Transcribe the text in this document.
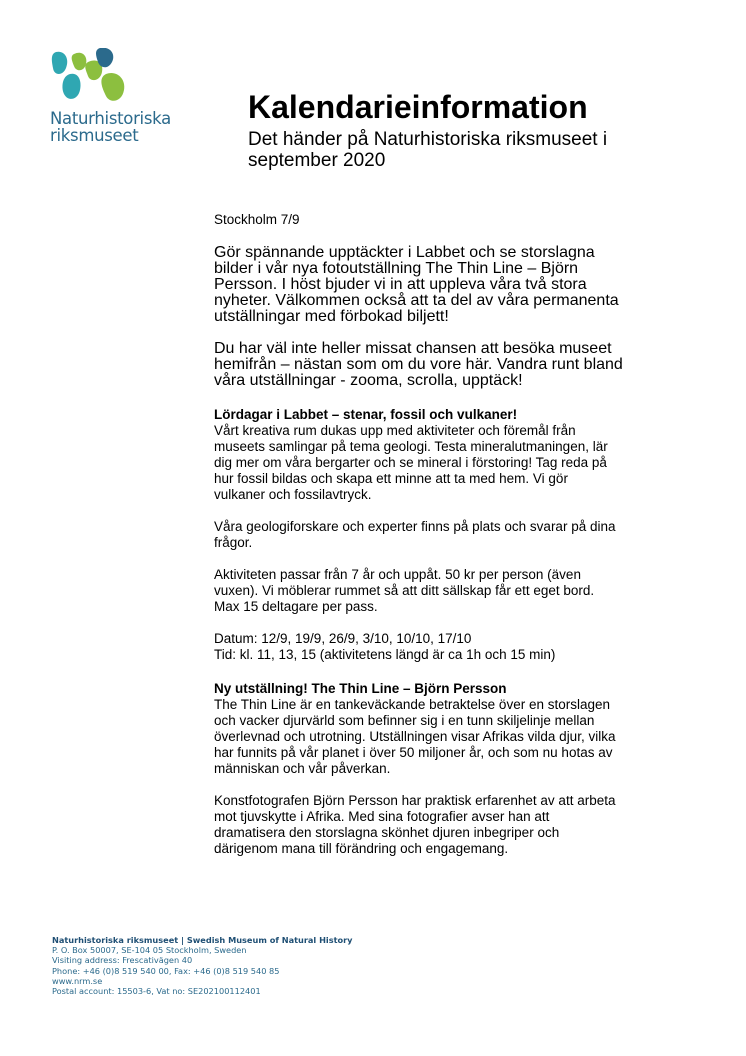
Naturhistoriska
riksmuseet
Kalendarieinformation

Det händer på Naturhistoriska riksmuseet i
september 2020

Stockholm 7/9

Gör spännande upptäckter i Labbet och se storslagna
bilder i vår nya fotoutställning The Thin Line – Björn
Persson. I höst bjuder vi in att uppleva våra två stora
nyheter. Välkommen också att ta del av våra permanenta
utställningar med förbokad biljett!

Du har väl inte heller missat chansen att besöka museet
hemifrån – nästan som om du vore här. Vandra runt bland
våra utställningar - zooma, scrolla, upptäck!

Lördagar i Labbet – stenar, fossil och vulkaner!

Vårt kreativa rum dukas upp med aktiviteter och föremål från
museets samlingar på tema geologi. Testa mineralutmaningen, lär
dig mer om våra bergarter och se mineral i förstoring! Tag reda på
hur fossil bildas och skapa ett minne att ta med hem. Vi gör
vulkaner och fossilavtryck.

Våra geologiforskare och experter finns på plats och svarar på dina
frågor.

Aktiviteten passar från 7 år och uppåt. 50 kr per person (även
vuxen). Vi möblerar rummet så att ditt sällskap får ett eget bord.
Max 15 deltagare per pass.

Datum: 12/9, 19/9, 26/9, 3/10, 10/10, 17/10
Tid: kl. 11, 13, 15 (aktivitetens längd är ca 1h och 15 min)

Ny utställning! The Thin Line – Björn Persson

The Thin Line är en tankeväckande betraktelse över en storslagen
och vacker djurvärld som befinner sig i en tunn skiljelinje mellan
överlevnad och utrotning. Utställningen visar Afrikas vilda djur, vilka
har funnits på vår planet i över 50 miljoner år, och som nu hotas av
människan och vår påverkan.

Konstfotografen Björn Persson har praktisk erfarenhet av att arbeta
mot tjuvskytte i Afrika. Med sina fotografier avser han att
dramatisera den storslagna skönhet djuren inbegriper och
därigenom mana till förändring och engagemang.

Naturhistoriska riksmuseet | Swedish Museum of Natural History
P. O. Box 50007, SE-104 05 Stockholm, Sweden
Visiting address: Frescativägen 40
Phone: +46 (0)8 519 540 00, Fax: +46 (0)8 519 540 85
www.nrm.se
Postal account: 15503-6, Vat no: SE202100112401
